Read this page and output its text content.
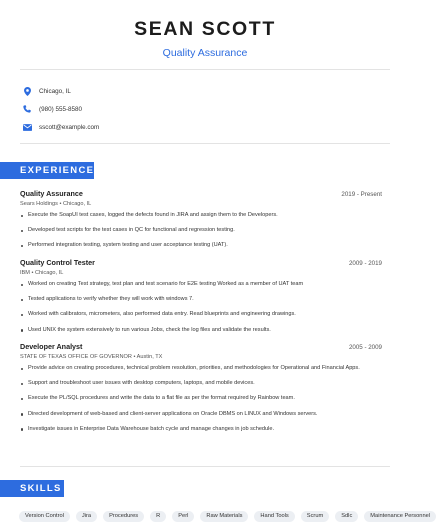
SEAN SCOTT
Quality Assurance
Chicago, IL
(980) 555-8580
sscott@example.com
EXPERIENCE
Quality Assurance	2019 - Present
Sears Holdings • Chicago, IL
Execute the SoapUI test cases, logged the defects found in JIRA and assign them to the Developers.
Developed test scripts for the test cases in QC for functional and regression testing.
Performed integration testing, system testing and user acceptance testing (UAT).
Quality Control Tester	2009 - 2019
IBM • Chicago, IL
Worked on creating Test strategy, test plan and test scenario for E2E testing Worked as a member of UAT team
Tested applications to verify whether they will work with windows 7.
Worked with calibrators, micrometers, also performed data entry. Read blueprints and engineering drawings.
Used UNIX the system extensively to run various Jobs, check the log files and validate the results.
Developer Analyst	2005 - 2009
STATE OF TEXAS OFFICE OF GOVERNOR • Austin, TX
Provide advice on creating procedures, technical problem resolution, priorities, and methodologies for Operational and Financial Apps.
Support and troubleshoot user issues with desktop computers, laptops, and mobile devices.
Execute the PL/SQL procedures and write the data to a flat file as per the format required by Rainbow team.
Directed development of web-based and client-server applications on Oracle DBMS on LINUX and Windows servers.
Investigate issues in Enterprise Data Warehouse batch cycle and manage changes in job schedule.
SKILLS
Version Control	Jira	Procedures	R	Perl	Raw Materials	Hand Tools	Scrum	Sdlc	Maintenance Personnel
